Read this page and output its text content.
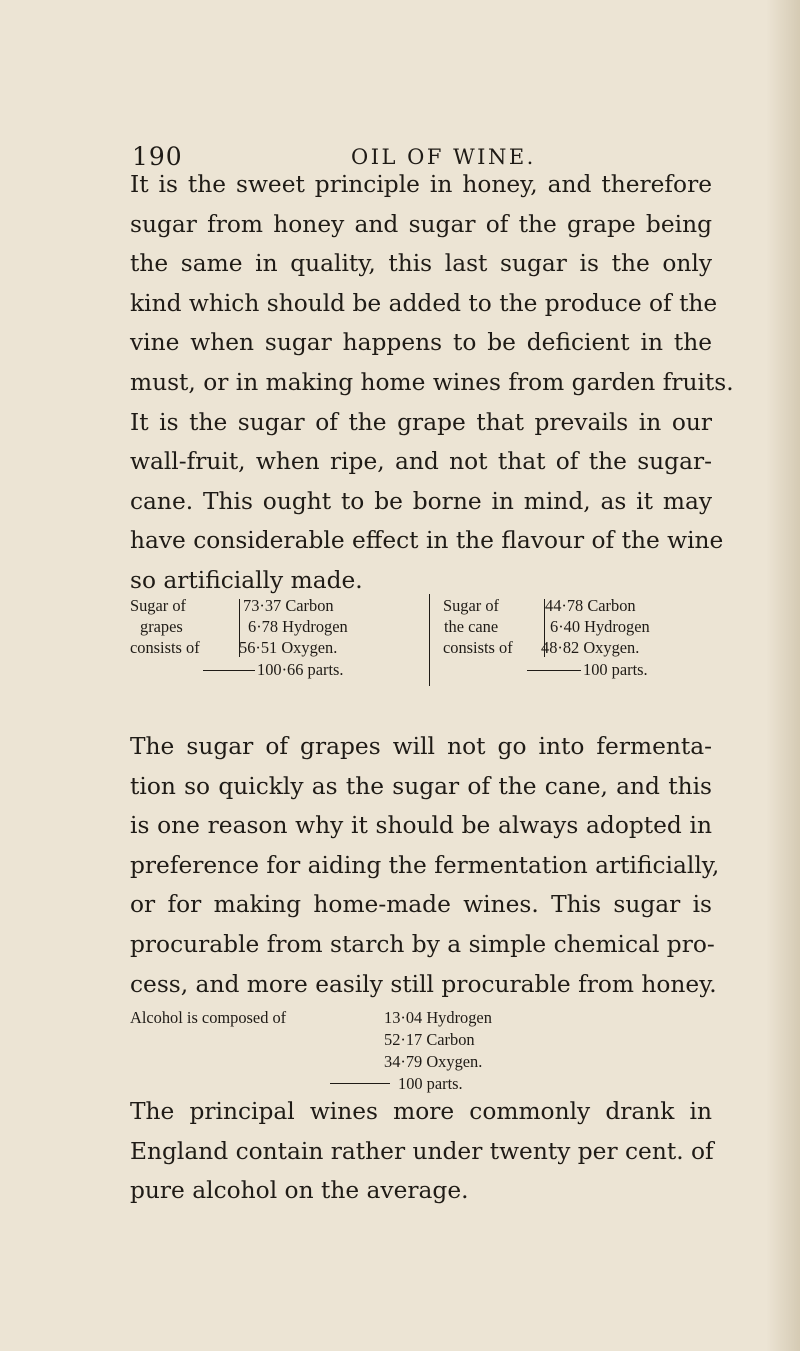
190	OIL OF WINE.
It is the sweet principle in honey, and therefore
sugar from honey and sugar of the grape being
the same in quality, this last sugar is the only
kind which should be added to the produce of the
vine when sugar happens to be deficient in the
must, or in making home wines from garden fruits.
It is the sugar of the grape that prevails in our
wall-fruit, when ripe, and not that of the sugar-
cane. This ought to be borne in mind, as it may
have considerable effect in the flavour of the wine
so artificially made.
Sugar of
grapes
consists of
73·37 Carbon
6·78 Hydrogen
56·51 Oxygen.
100·66 parts.
Sugar of
the cane
consists of
44·78 Carbon
6·40 Hydrogen
48·82 Oxygen.
100 parts.
The sugar of grapes will not go into fermenta-
tion so quickly as the sugar of the cane, and this
is one reason why it should be always adopted in
preference for aiding the fermentation artificially,
or for making home-made wines. This sugar is
procurable from starch by a simple chemical pro-
cess, and more easily still procurable from honey.
Alcohol is composed of	13·04 Hydrogen
52·17 Carbon
34·79 Oxygen.
100 parts.
The principal wines more commonly drank in
England contain rather under twenty per cent. of
pure alcohol on the average.
